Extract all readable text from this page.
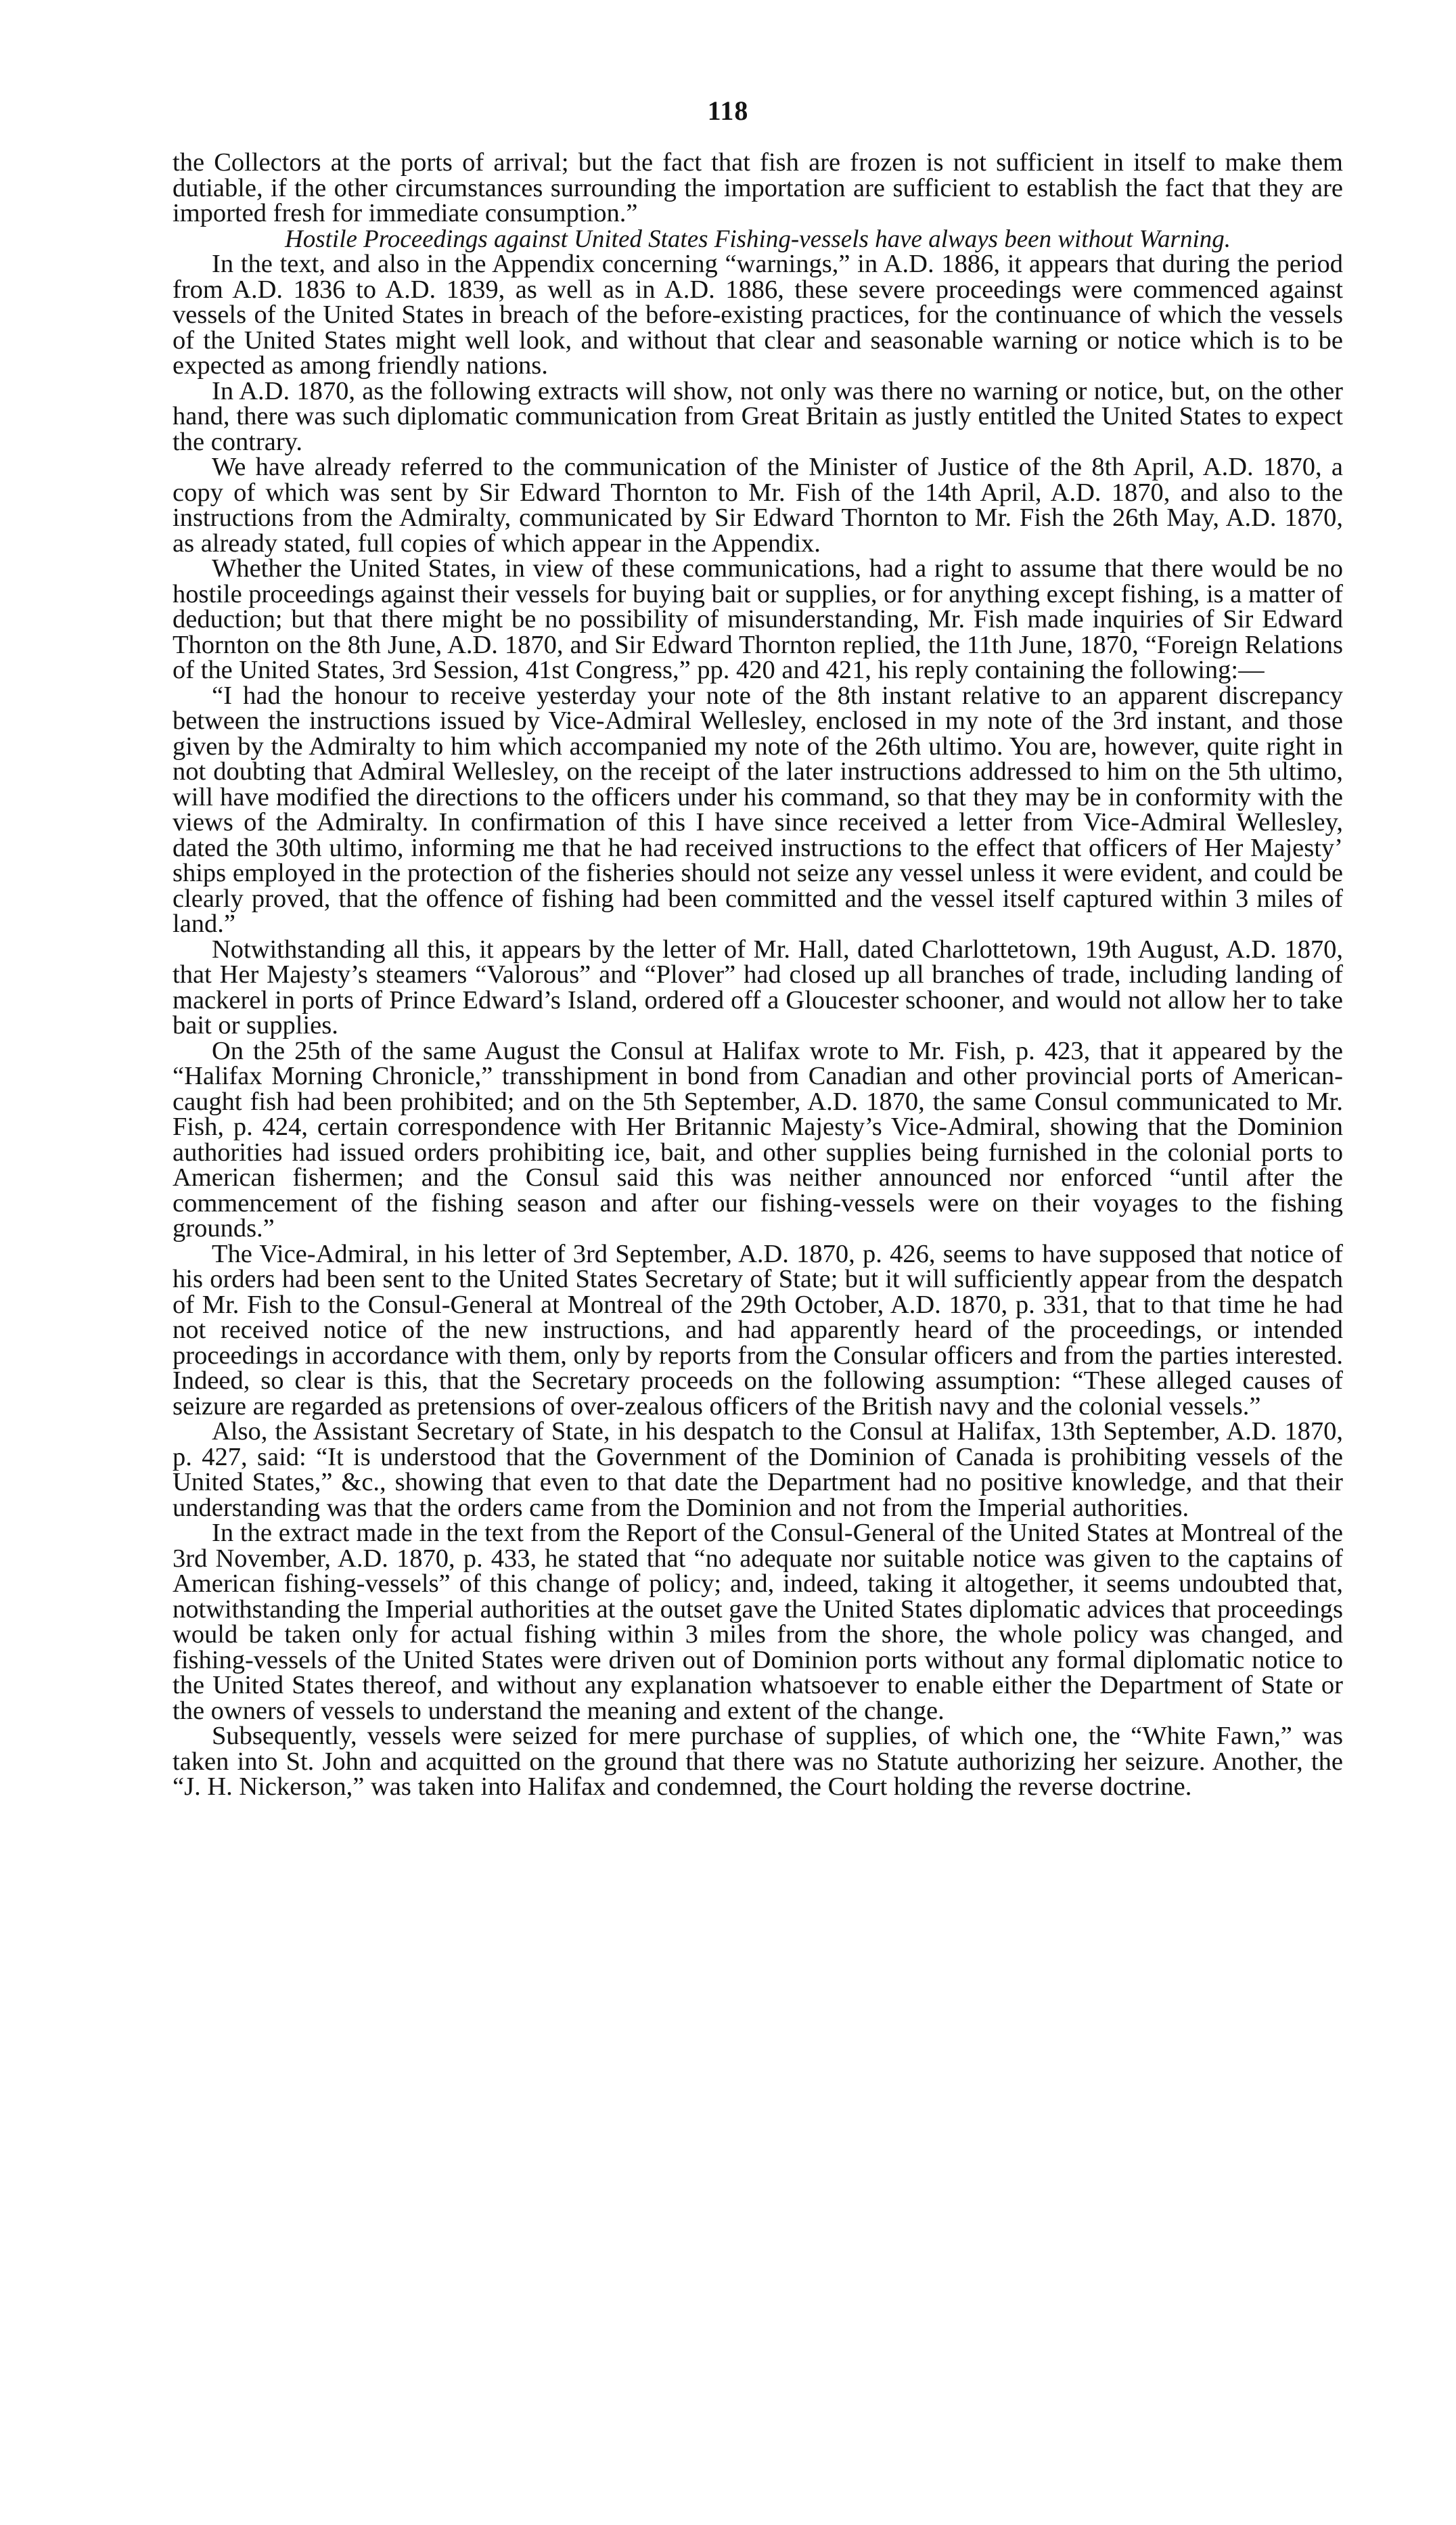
118

the Collectors at the ports of arrival; but the fact that fish are frozen is not sufficient in itself to make them dutiable, if the other circumstances surrounding the importation are sufficient to establish the fact that they are imported fresh for immediate consumption.”

Hostile Proceedings against United States Fishing-vessels have always been without Warning.

In the text, and also in the Appendix concerning “warnings,” in A.D. 1886, it appears that during the period from A.D. 1836 to A.D. 1839, as well as in A.D. 1886, these severe proceedings were commenced against vessels of the United States in breach of the before-existing practices, for the continuance of which the vessels of the United States might well look, and without that clear and seasonable warning or notice which is to be expected as among friendly nations.

In A.D. 1870, as the following extracts will show, not only was there no warning or notice, but, on the other hand, there was such diplomatic communication from Great Britain as justly entitled the United States to expect the contrary.

We have already referred to the communication of the Minister of Justice of the 8th April, A.D. 1870, a copy of which was sent by Sir Edward Thornton to Mr. Fish of the 14th April, A.D. 1870, and also to the instructions from the Admiralty, communicated by Sir Edward Thornton to Mr. Fish the 26th May, A.D. 1870, as already stated, full copies of which appear in the Appendix.

Whether the United States, in view of these communications, had a right to assume that there would be no hostile proceedings against their vessels for buying bait or supplies, or for anything except fishing, is a matter of deduction; but that there might be no possibility of misunderstanding, Mr. Fish made inquiries of Sir Edward Thornton on the 8th June, A.D. 1870, and Sir Edward Thornton replied, the 11th June, 1870, “Foreign Relations of the United States, 3rd Session, 41st Congress,” pp. 420 and 421, his reply containing the following:—

“I had the honour to receive yesterday your note of the 8th instant relative to an apparent discrepancy between the instructions issued by Vice-Admiral Wellesley, enclosed in my note of the 3rd instant, and those given by the Admiralty to him which accompanied my note of the 26th ultimo. You are, however, quite right in not doubting that Admiral Wellesley, on the receipt of the later instructions addressed to him on the 5th ultimo, will have modified the directions to the officers under his command, so that they may be in conformity with the views of the Admiralty. In confirmation of this I have since received a letter from Vice-Admiral Wellesley, dated the 30th ultimo, informing me that he had received instructions to the effect that officers of Her Majesty’ ships employed in the protection of the fisheries should not seize any vessel unless it were evident, and could be clearly proved, that the offence of fishing had been committed and the vessel itself captured within 3 miles of land.”

Notwithstanding all this, it appears by the letter of Mr. Hall, dated Charlottetown, 19th August, A.D. 1870, that Her Majesty’s steamers “Valorous” and “Plover” had closed up all branches of trade, including landing of mackerel in ports of Prince Edward’s Island, ordered off a Gloucester schooner, and would not allow her to take bait or supplies.

On the 25th of the same August the Consul at Halifax wrote to Mr. Fish, p. 423, that it appeared by the “Halifax Morning Chronicle,” transshipment in bond from Canadian and other provincial ports of American-caught fish had been prohibited; and on the 5th September, A.D. 1870, the same Consul communicated to Mr. Fish, p. 424, certain correspondence with Her Britannic Majesty’s Vice-Admiral, showing that the Dominion authorities had issued orders prohibiting ice, bait, and other supplies being furnished in the colonial ports to American fishermen; and the Consul said this was neither announced nor enforced “until after the commencement of the fishing season and after our fishing-vessels were on their voyages to the fishing grounds.”

The Vice-Admiral, in his letter of 3rd September, A.D. 1870, p. 426, seems to have supposed that notice of his orders had been sent to the United States Secretary of State; but it will sufficiently appear from the despatch of Mr. Fish to the Consul-General at Montreal of the 29th October, A.D. 1870, p. 331, that to that time he had not received notice of the new instructions, and had apparently heard of the proceedings, or intended proceedings in accordance with them, only by reports from the Consular officers and from the parties interested. Indeed, so clear is this, that the Secretary proceeds on the following assumption: “These alleged causes of seizure are regarded as pretensions of over-zealous officers of the British navy and the colonial vessels.”

Also, the Assistant Secretary of State, in his despatch to the Consul at Halifax, 13th September, A.D. 1870, p. 427, said: “It is understood that the Government of the Dominion of Canada is prohibiting vessels of the United States,” &c., showing that even to that date the Department had no positive knowledge, and that their understanding was that the orders came from the Dominion and not from the Imperial authorities.

In the extract made in the text from the Report of the Consul-General of the United States at Montreal of the 3rd November, A.D. 1870, p. 433, he stated that “no adequate nor suitable notice was given to the captains of American fishing-vessels” of this change of policy; and, indeed, taking it altogether, it seems undoubted that, notwithstanding the Imperial authorities at the outset gave the United States diplomatic advices that proceedings would be taken only for actual fishing within 3 miles from the shore, the whole policy was changed, and fishing-vessels of the United States were driven out of Dominion ports without any formal diplomatic notice to the United States thereof, and without any explanation whatsoever to enable either the Department of State or the owners of vessels to understand the meaning and extent of the change.

Subsequently, vessels were seized for mere purchase of supplies, of which one, the “White Fawn,” was taken into St. John and acquitted on the ground that there was no Statute authorizing her seizure. Another, the “J. H. Nickerson,” was taken into Halifax and condemned, the Court holding the reverse doctrine.
